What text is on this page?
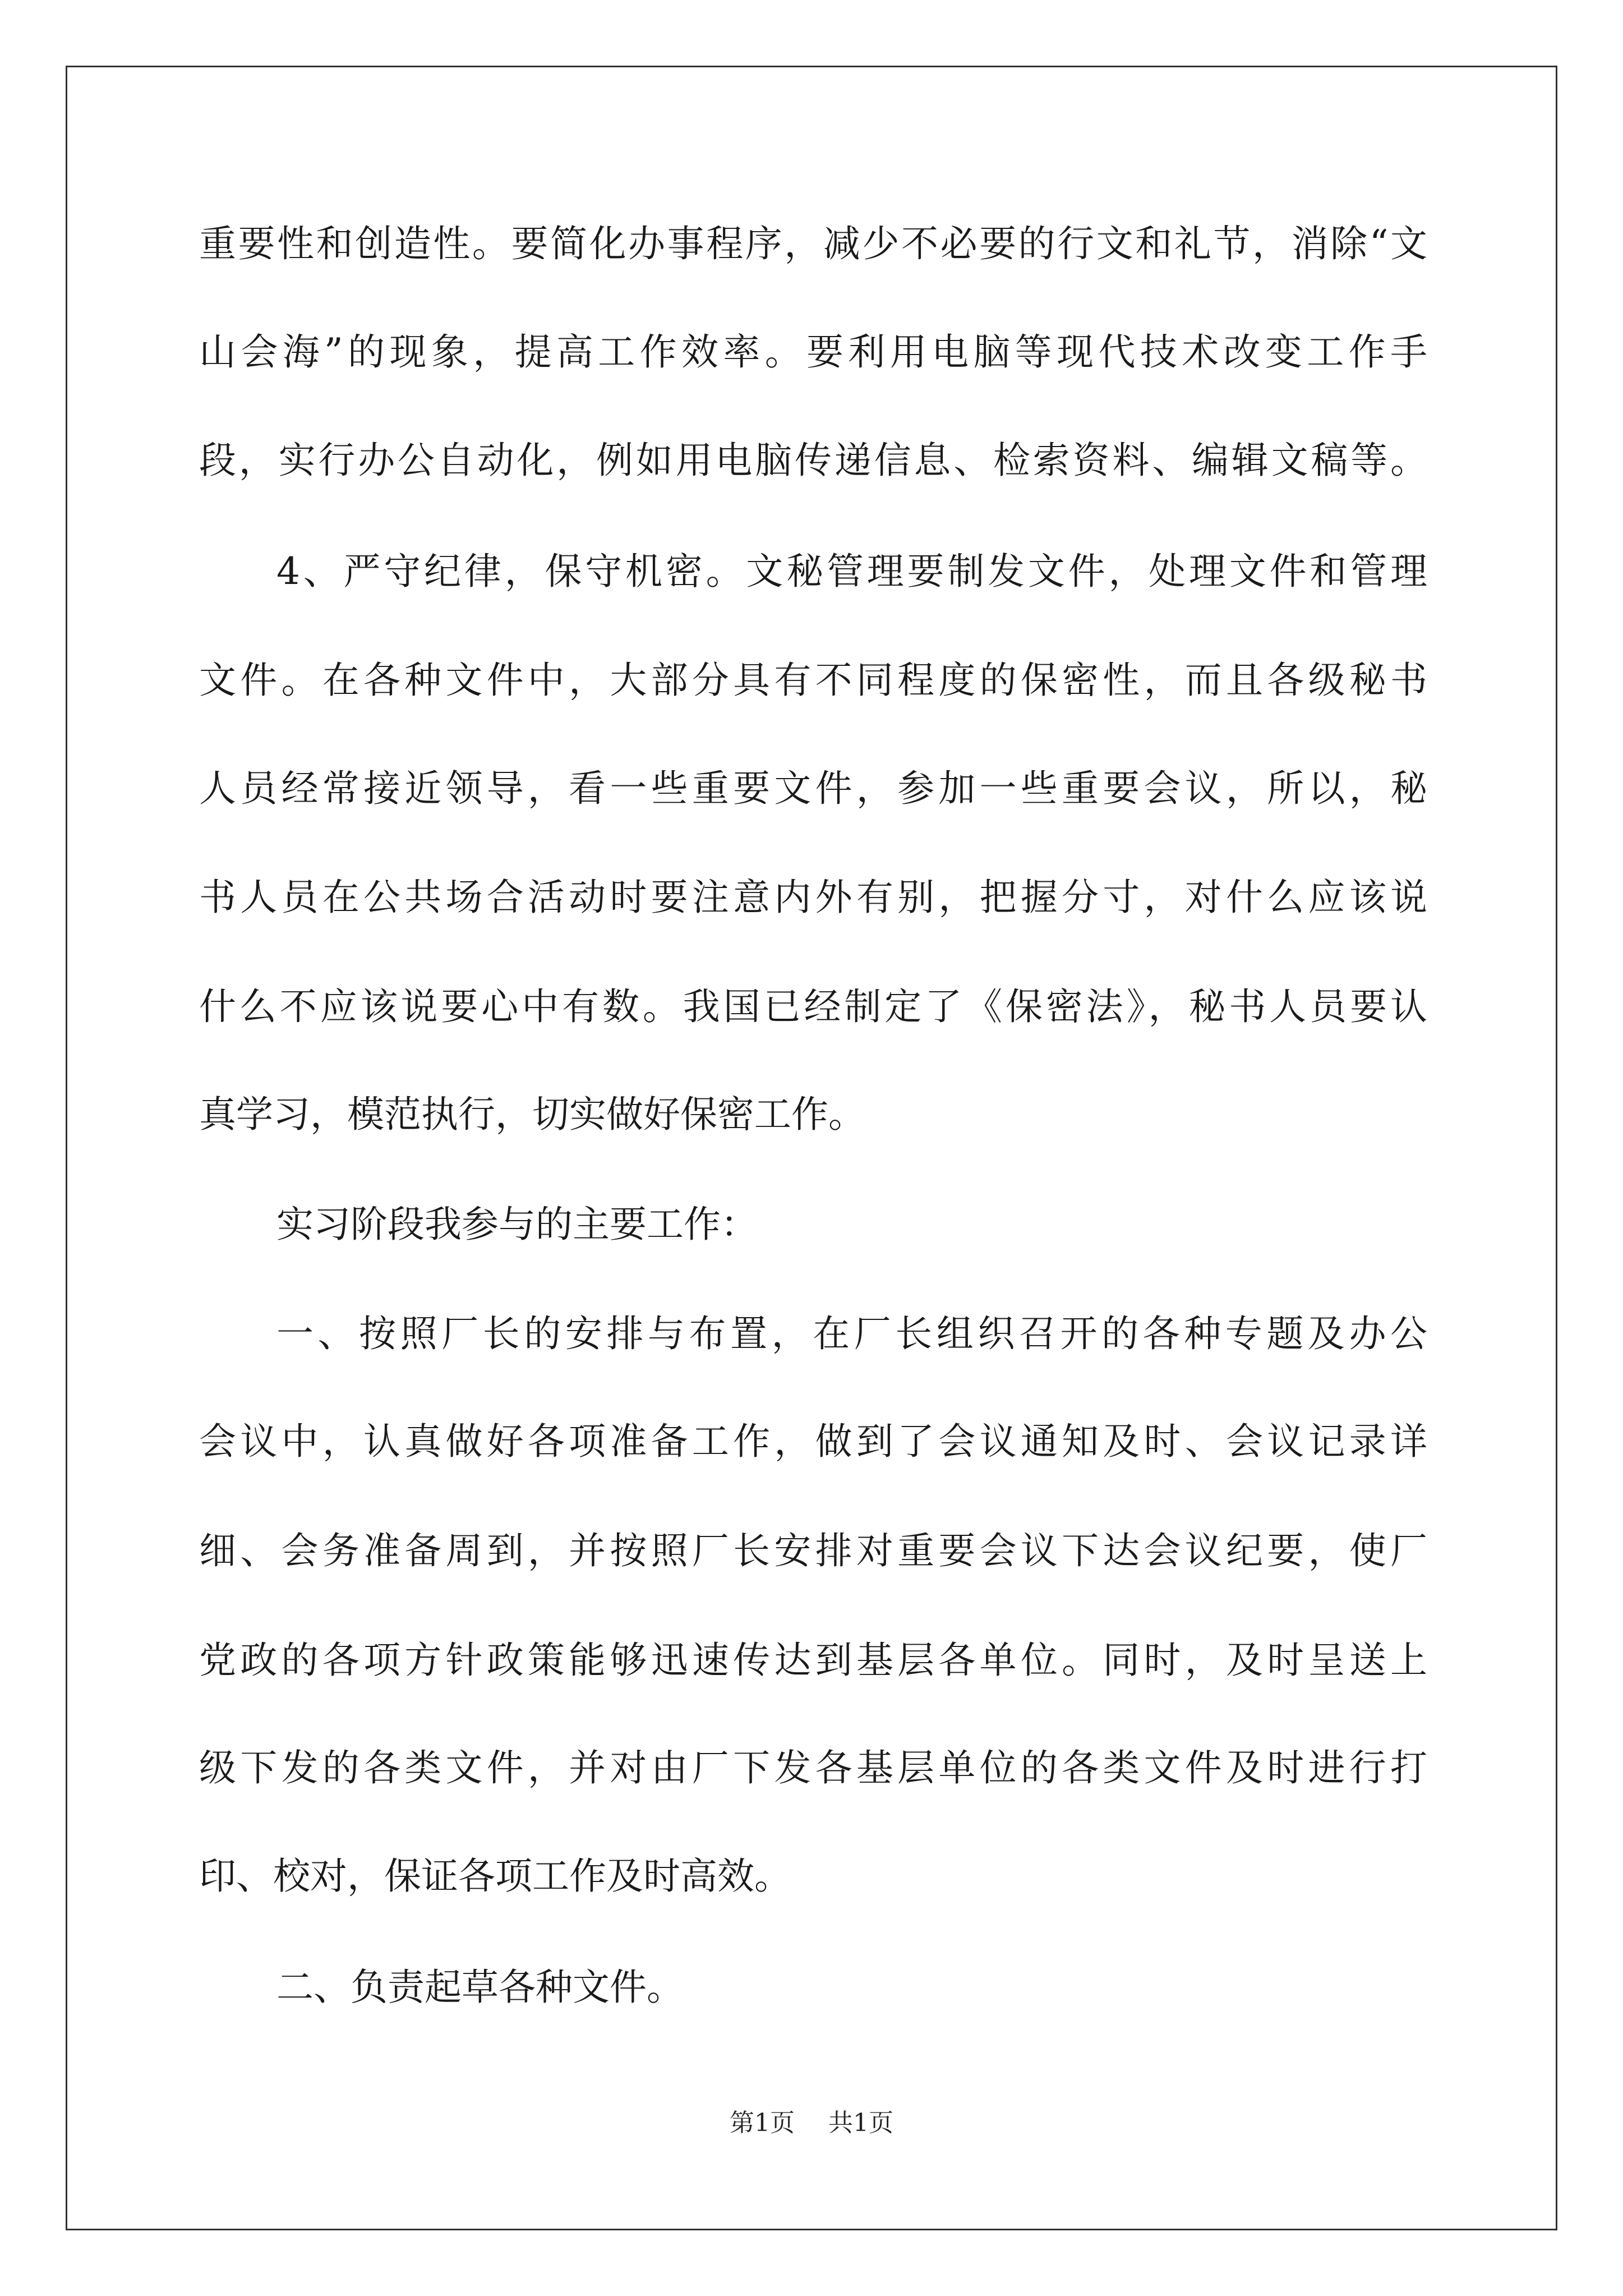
重要性和创造性。要简化办事程序，减少不必要的行文和礼节，消除“文
山会海”的现象，提高工作效率。要利用电脑等现代技术改变工作手
段，实行办公自动化，例如用电脑传递信息、检索资料、编辑文稿等。
4、严守纪律，保守机密。文秘管理要制发文件，处理文件和管理
文件。在各种文件中，大部分具有不同程度的保密性，而且各级秘书
人员经常接近领导，看一些重要文件，参加一些重要会议，所以，秘
书人员在公共场合活动时要注意内外有别，把握分寸，对什么应该说
什么不应该说要心中有数。我国已经制定了《保密法》，秘书人员要认
真学习，模范执行，切实做好保密工作。
实习阶段我参与的主要工作：
一、按照厂长的安排与布置，在厂长组织召开的各种专题及办公
会议中，认真做好各项准备工作，做到了会议通知及时、会议记录详
细、会务准备周到，并按照厂长安排对重要会议下达会议纪要，使厂
党政的各项方针政策能够迅速传达到基层各单位。同时，及时呈送上
级下发的各类文件，并对由厂下发各基层单位的各类文件及时进行打
印、校对，保证各项工作及时高效。
二、负责起草各种文件。
第1页 共1页
